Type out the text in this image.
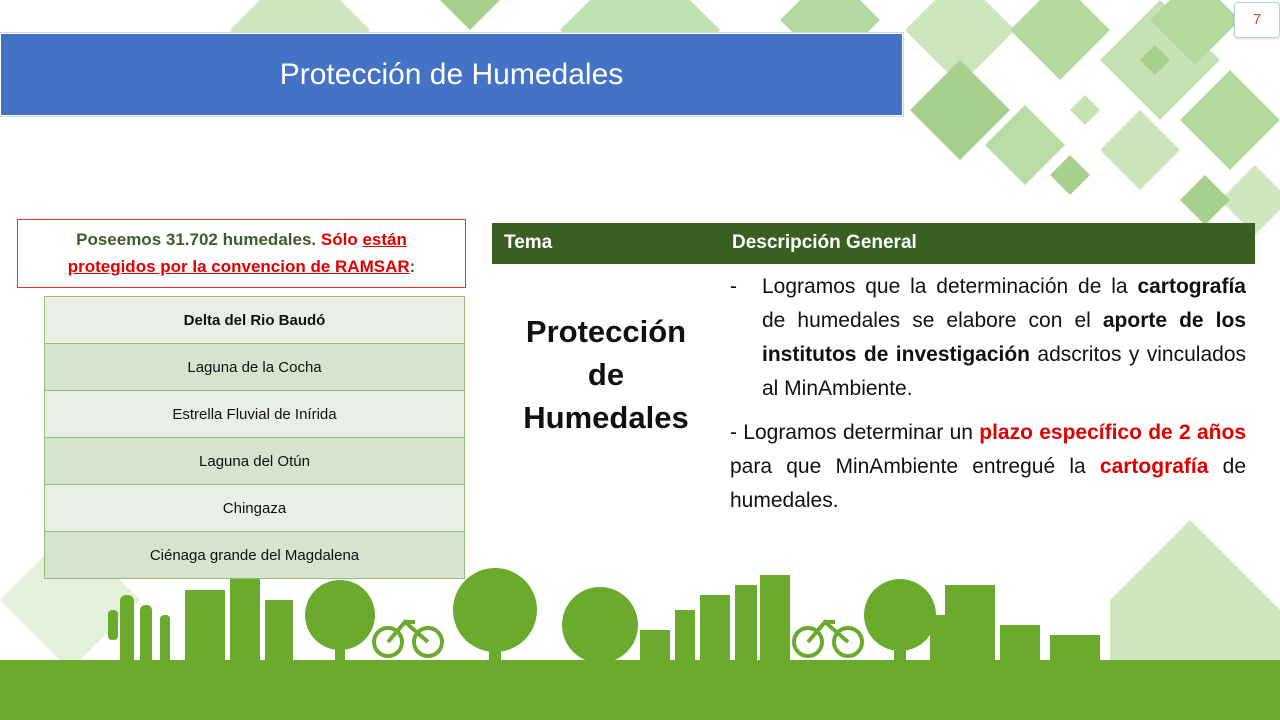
7
Protección de Humedales
Poseemos 31.702 humedales. Sólo están
protegidos por la convencion de RAMSAR:
Delta del Rio Baudó
Laguna de la Cocha
Estrella Fluvial de Inírida
Laguna del Otún
Chingaza
Ciénaga grande del Magdalena
Tema	Descripción General
Protección
de
Humedales
-	Logramos que la determinación de la cartografía de humedales se elabore con el aporte de los institutos de investigación adscritos y vinculados al MinAmbiente.

- Logramos determinar un plazo específico de 2 años para que MinAmbiente entregué la cartografía de humedales.
